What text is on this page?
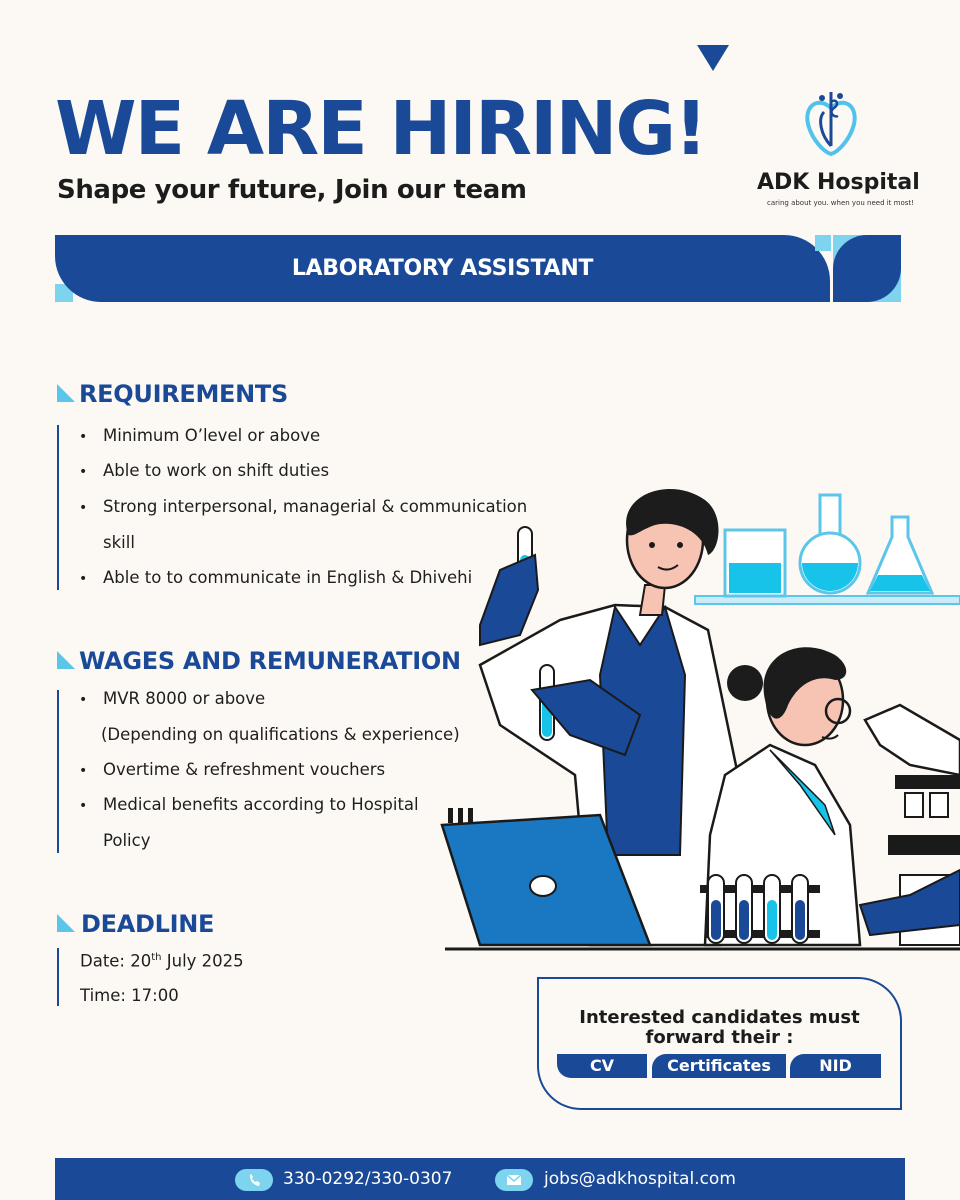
WE ARE HIRING!
Shape your future, Join our team	ADK Hospital
caring about you. when you need it most!
LABORATORY ASSISTANT
REQUIREMENTS
• Minimum O’level or above
• Able to work on shift duties
• Strong interpersonal, managerial & communication
skill
• Able to to communicate in English & Dhivehi
WAGES AND REMUNERATION
• MVR 8000 or above
(Depending on qualifications & experience)
• Overtime & refreshment vouchers
• Medical benefits according to Hospital
Policy
DEADLINE
Date: 20th July 2025
Time: 17:00
Interested candidates must
forward their :
CV	Certificates	NID
330-0292/330-0307	jobs@adkhospital.com
